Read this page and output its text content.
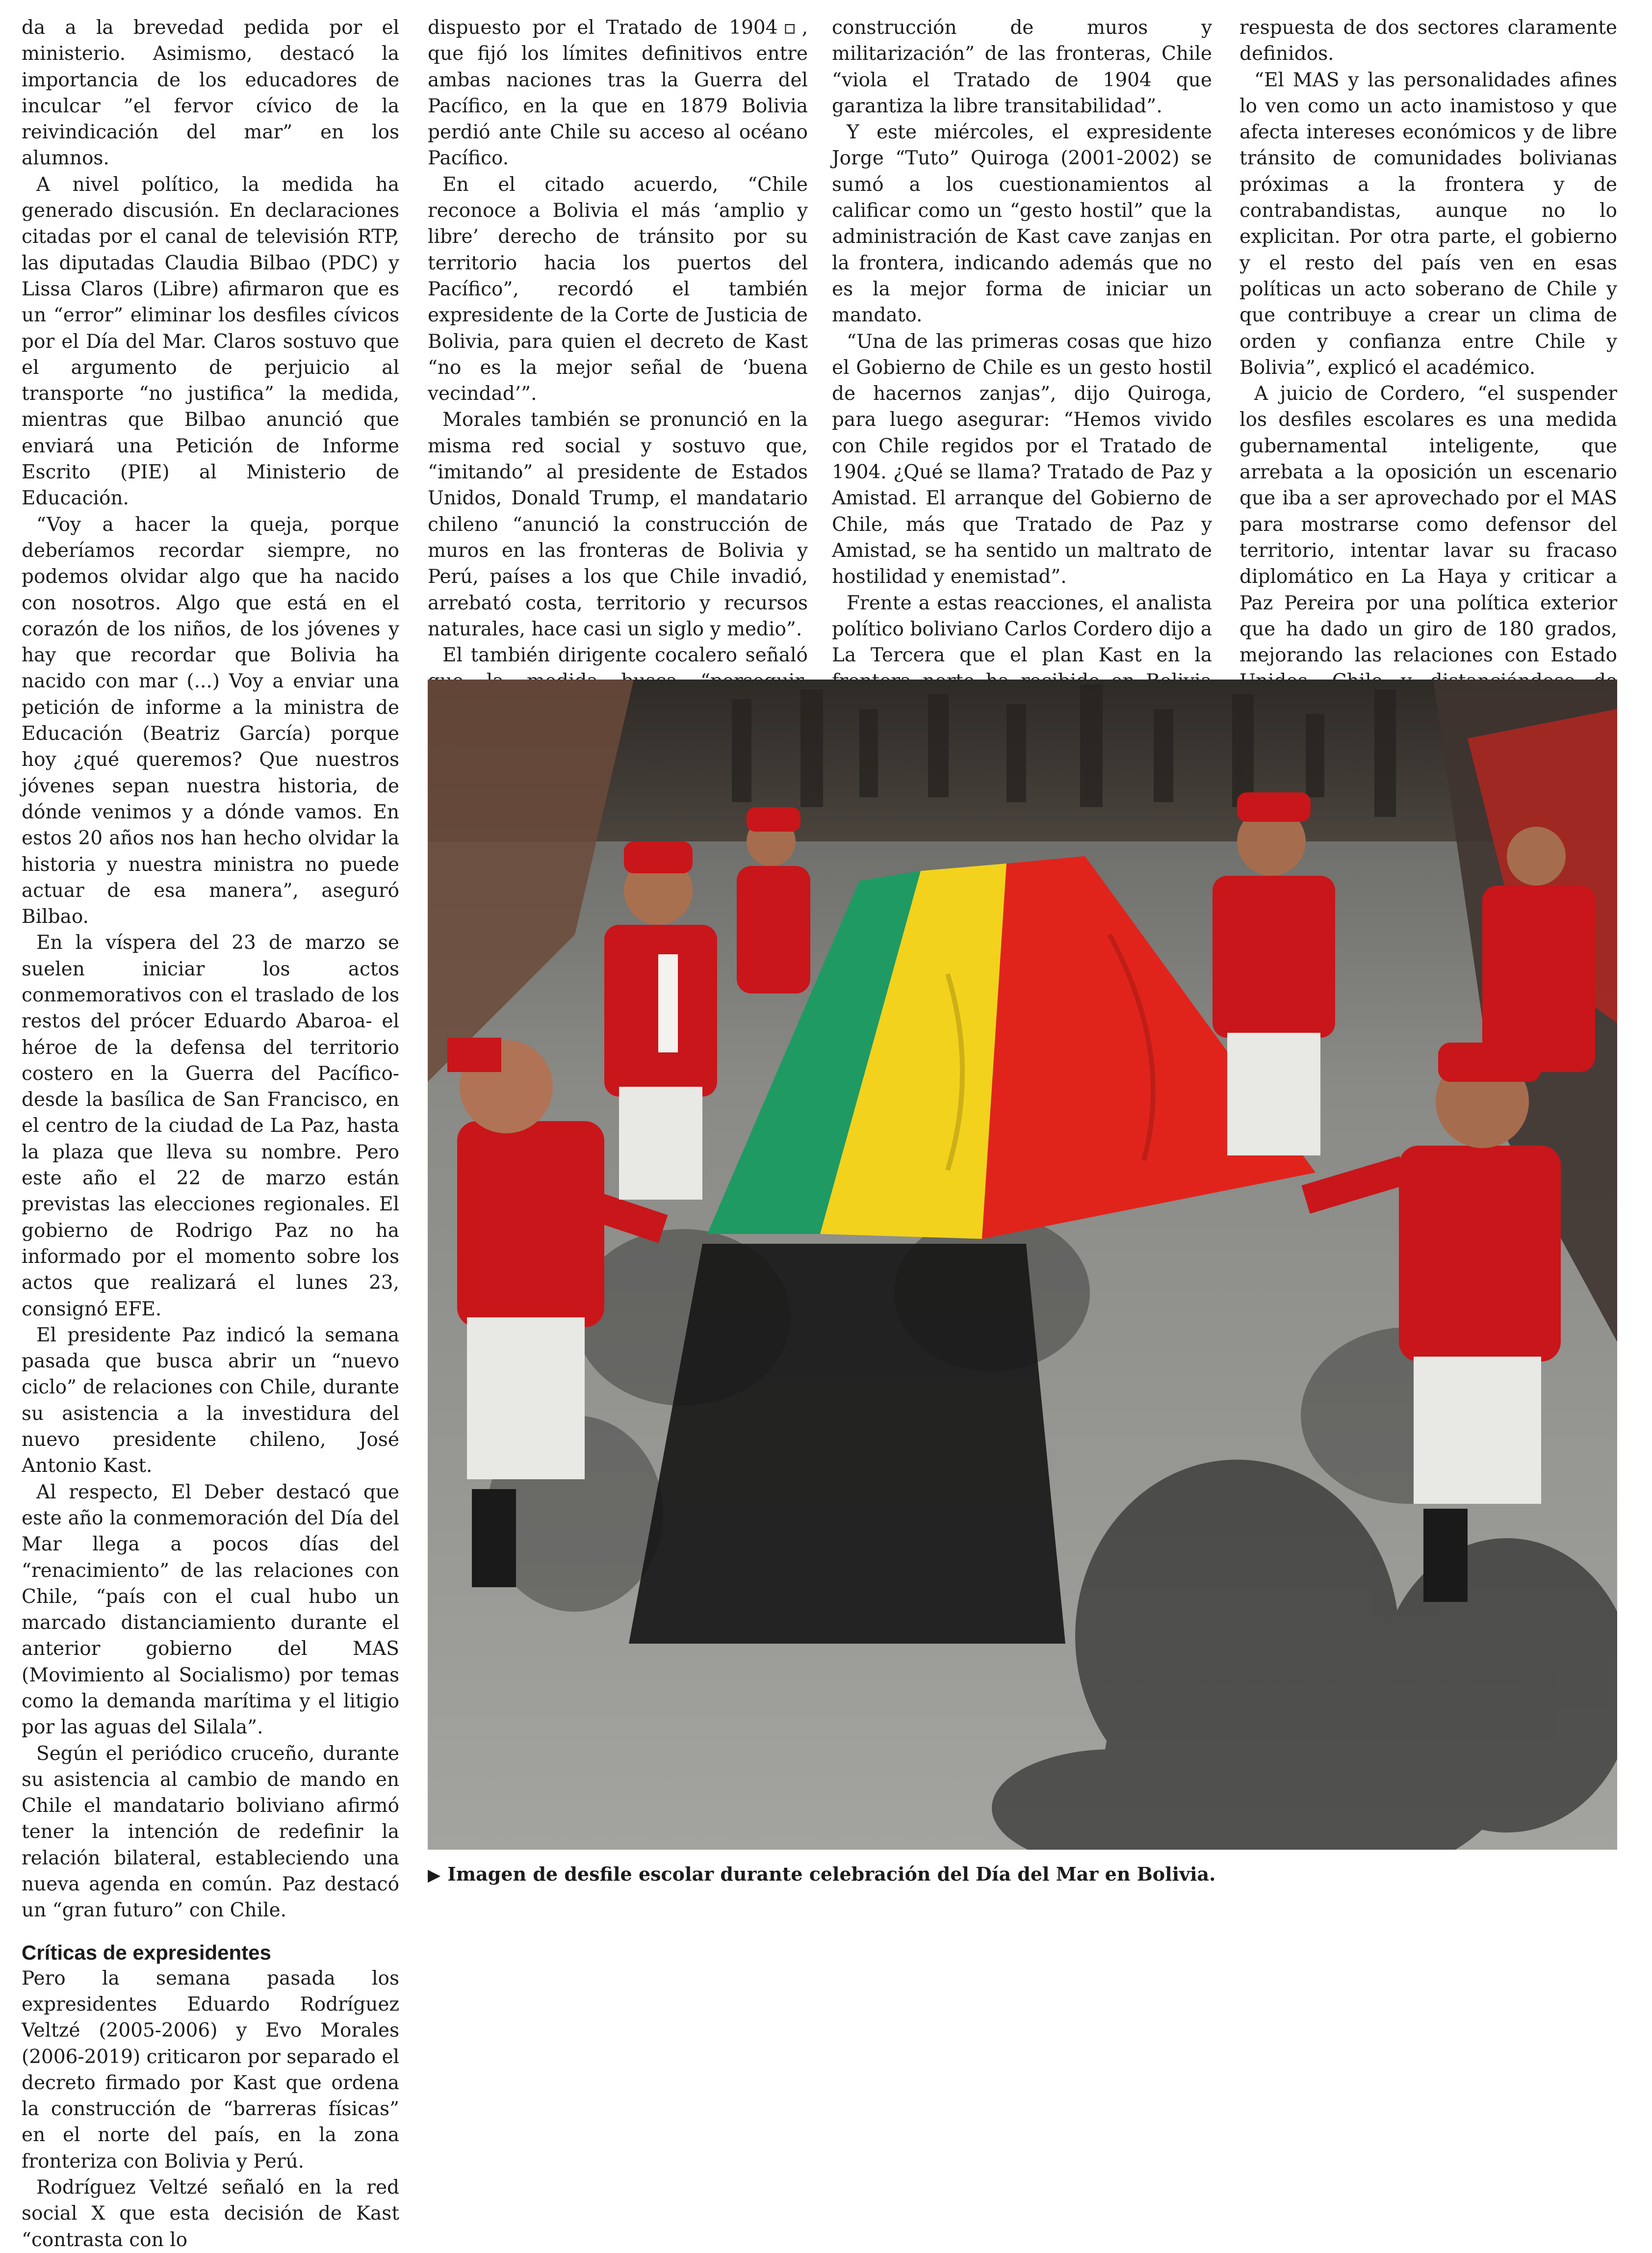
da a la brevedad pedida por el ministerio. Asimismo, destacó la importancia de los educadores de inculcar ”el fervor cívico de la reivindicación del mar” en los alumnos.

A nivel político, la medida ha generado discusión. En declaraciones citadas por el canal de televisión RTP, las diputadas Claudia Bilbao (PDC) y Lissa Claros (Libre) afirmaron que es un “error” eliminar los desfiles cívicos por el Día del Mar. Claros sostuvo que el argumento de perjuicio al transporte “no justifica” la medida, mientras que Bilbao anunció que enviará una Petición de Informe Escrito (PIE) al Ministerio de Educación.

“Voy a hacer la queja, porque deberíamos recordar siempre, no podemos olvidar algo que ha nacido con nosotros. Algo que está en el corazón de los niños, de los jóvenes y hay que recordar que Bolivia ha nacido con mar (...) Voy a enviar una petición de informe a la ministra de Educación (Beatriz García) porque hoy ¿qué queremos? Que nuestros jóvenes sepan nuestra historia, de dónde venimos y a dónde vamos. En estos 20 años nos han hecho olvidar la historia y nuestra ministra no puede actuar de esa manera”, aseguró Bilbao.

En la víspera del 23 de marzo se suelen iniciar los actos conmemorativos con el traslado de los restos del prócer Eduardo Abaroa- el héroe de la defensa del territorio costero en la Guerra del Pacífico- desde la basílica de San Francisco, en el centro de la ciudad de La Paz, hasta la plaza que lleva su nombre. Pero este año el 22 de marzo están previstas las elecciones regionales. El gobierno de Rodrigo Paz no ha informado por el momento sobre los actos que realizará el lunes 23, consignó EFE.

El presidente Paz indicó la semana pasada que busca abrir un “nuevo ciclo” de relaciones con Chile, durante su asistencia a la investidura del nuevo presidente chileno, José Antonio Kast.

Al respecto, El Deber destacó que este año la conmemoración del Día del Mar llega a pocos días del “renacimiento” de las relaciones con Chile, “país con el cual hubo un marcado distanciamiento durante el anterior gobierno del MAS (Movimiento al Socialismo) por temas como la demanda marítima y el litigio por las aguas del Silala”.

Según el periódico cruceño, durante su asistencia al cambio de mando en Chile el mandatario boliviano afirmó tener la intención de redefinir la relación bilateral, estableciendo una nueva agenda en común. Paz destacó un “gran futuro” con Chile.

Críticas de expresidentes

Pero la semana pasada los expresidentes Eduardo Rodríguez Veltzé (2005-2006) y Evo Morales (2006-2019) criticaron por separado el decreto firmado por Kast que ordena la construcción de “barreras físicas” en el norte del país, en la zona fronteriza con Bolivia y Perú.

Rodríguez Veltzé señaló en la red social X que esta decisión de Kast “contrasta con lo

dispuesto por el Tratado de 1904▫, que fijó los límites definitivos entre ambas naciones tras la Guerra del Pacífico, en la que en 1879 Bolivia perdió ante Chile su acceso al océano Pacífico.

En el citado acuerdo, “Chile reconoce a Bolivia el más ‘amplio y libre’ derecho de tránsito por su territorio hacia los puertos del Pacífico”, recordó el también expresidente de la Corte de Justicia de Bolivia, para quien el decreto de Kast “no es la mejor señal de ‘buena vecindad’”.

Morales también se pronunció en la misma red social y sostuvo que, “imitando” al presidente de Estados Unidos, Donald Trump, el mandatario chileno “anunció la construcción de muros en las fronteras de Bolivia y Perú, países a los que Chile invadió, arrebató costa, territorio y recursos naturales, hace casi un siglo y medio”.

El también dirigente cocalero señaló

construcción de muros y militarización” de las fronteras, Chile “viola el Tratado de 1904 que garantiza la libre transitabilidad”.

Y este miércoles, el expresidente Jorge “Tuto” Quiroga (2001-2002) se sumó a los cuestionamientos al calificar como un “gesto hostil” que la administración de Kast cave zanjas en la frontera, indicando además que no es la mejor forma de iniciar un mandato.

“Una de las primeras cosas que hizo el Gobierno de Chile es un gesto hostil de hacernos zanjas”, dijo Quiroga, para luego asegurar: “Hemos vivido con Chile regidos por el Tratado de 1904. ¿Qué se llama? Tratado de Paz y Amistad. El arranque del Gobierno de Chile, más que Tratado de Paz y Amistad, se ha sentido un maltrato de hostilidad y enemistad”.

Frente a estas reacciones, el analista político boliviano Carlos Cordero dijo a La Tercera que el plan Kast en la

respuesta de dos sectores claramente definidos.

“El MAS y las personalidades afines lo ven como un acto inamistoso y que afecta intereses económicos y de libre tránsito de comunidades bolivianas próximas a la frontera y de contrabandistas, aunque no lo explicitan. Por otra parte, el gobierno y el resto del país ven en esas políticas un acto soberano de Chile y que contribuye a crear un clima de orden y confianza entre Chile y Bolivia”, explicó el académico.

A juicio de Cordero, “el suspender los desfiles escolares es una medida gubernamental inteligente, que arrebata a la oposición un escenario que iba a ser aprovechado por el MAS para mostrarse como defensor del territorio, intentar lavar su fracaso diplomático en La Haya y criticar a Paz Pereira por una política exterior que ha dado un giro de 180 grados, mejorando las relaciones con Estado

▶ Imagen de desfile escolar durante celebración del Día del Mar en Bolivia.
